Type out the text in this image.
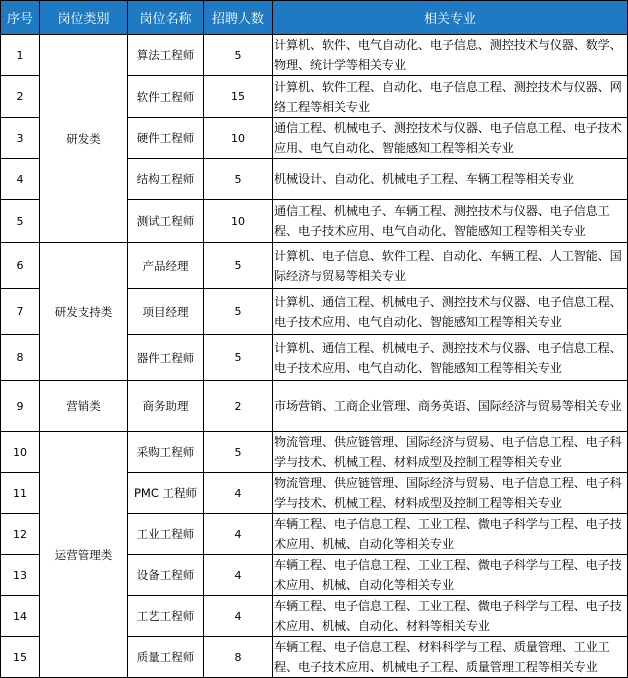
序号	岗位类别	岗位名称	招聘人数	相关专业
1	研发类	算法工程师	5	计算机、软件、电气自动化、电子信息、测控技术与仪器、数学、物理、统计学等相关专业
2		软件工程师	15	计算机、软件工程、自动化、电子信息工程、测控技术与仪器、网络工程等相关专业
3		硬件工程师	10	通信工程、机械电子、测控技术与仪器、电子信息工程、电子技术应用、电气自动化、智能感知工程等相关专业
4		结构工程师	5	机械设计、自动化、机械电子工程、车辆工程等相关专业
5		测试工程师	10	通信工程、机械电子、车辆工程、测控技术与仪器、电子信息工程、电子技术应用、电气自动化、智能感知工程等相关专业
6	研发支持类	产品经理	5	计算机、电子信息、软件工程、自动化、车辆工程、人工智能、国际经济与贸易等相关专业
7		项目经理	5	计算机、通信工程、机械电子、测控技术与仪器、电子信息工程、电子技术应用、电气自动化、智能感知工程等相关专业
8		器件工程师	5	计算机、通信工程、机械电子、测控技术与仪器、电子信息工程、电子技术应用、电气自动化、智能感知工程等相关专业
9	营销类	商务助理	2	市场营销、工商企业管理、商务英语、国际经济与贸易等相关专业
10	运营管理类	采购工程师	5	物流管理、供应链管理、国际经济与贸易、电子信息工程、电子科学与技术、机械工程、材料成型及控制工程等相关专业
11		PMC 工程师	4	物流管理、供应链管理、国际经济与贸易、电子信息工程、电子科学与技术、机械工程、材料成型及控制工程等相关专业
12		工业工程师	4	车辆工程、电子信息工程、工业工程、微电子科学与工程、电子技术应用、机械、自动化等相关专业
13		设备工程师	4	车辆工程、电子信息工程、工业工程、微电子科学与工程、电子技术应用、机械、自动化等相关专业
14		工艺工程师	4	车辆工程、电子信息工程、工业工程、微电子科学与工程、电子技术应用、机械、自动化、材料等相关专业
15		质量工程师	8	车辆工程、电子信息工程、材料科学与工程、质量管理、工业工程、电子技术应用、机械电子工程、质量管理工程等相关专业
